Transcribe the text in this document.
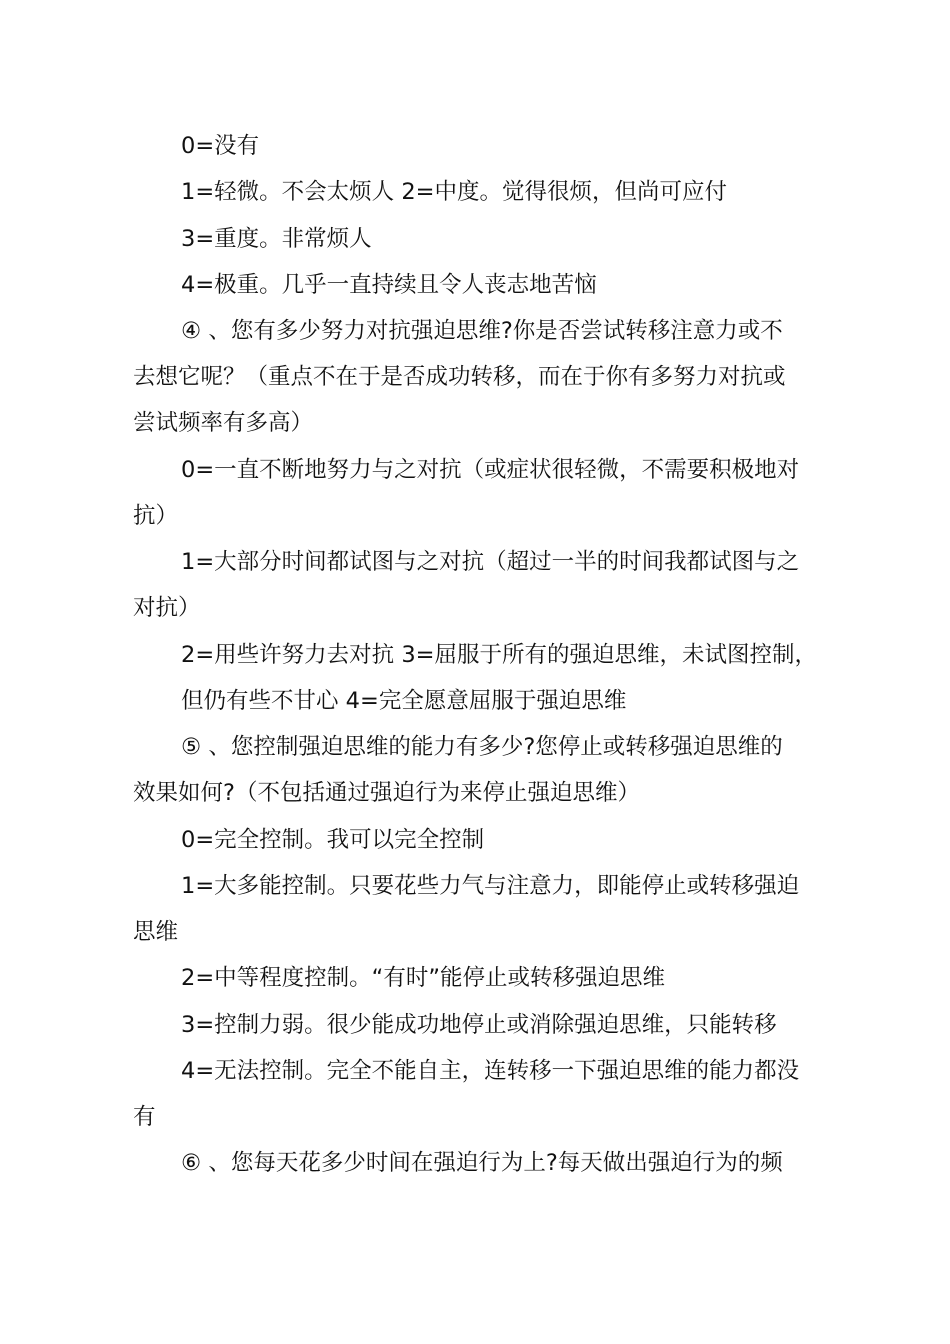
0=没有
1=轻微。不会太烦人 2=中度。觉得很烦，但尚可应付
3=重度。非常烦人
4=极重。几乎一直持续且令人丧志地苦恼
④ 、您有多少努力对抗强迫思维?你是否尝试转移注意力或不
去想它呢？（重点不在于是否成功转移，而在于你有多努力对抗或
尝试频率有多高）
0=一直不断地努力与之对抗（或症状很轻微，不需要积极地对
抗）
1=大部分时间都试图与之对抗（超过一半的时间我都试图与之
对抗）
2=用些许努力去对抗 3=屈服于所有的强迫思维，未试图控制，
但仍有些不甘心 4=完全愿意屈服于强迫思维
⑤ 、您控制强迫思维的能力有多少?您停止或转移强迫思维的
效果如何?（不包括通过强迫行为来停止强迫思维）
0=完全控制。我可以完全控制
1=大多能控制。只要花些力气与注意力，即能停止或转移强迫
思维
2=中等程度控制。“有时”能停止或转移强迫思维
3=控制力弱。很少能成功地停止或消除强迫思维，只能转移
4=无法控制。完全不能自主，连转移一下强迫思维的能力都没
有
⑥ 、您每天花多少时间在强迫行为上?每天做出强迫行为的频
